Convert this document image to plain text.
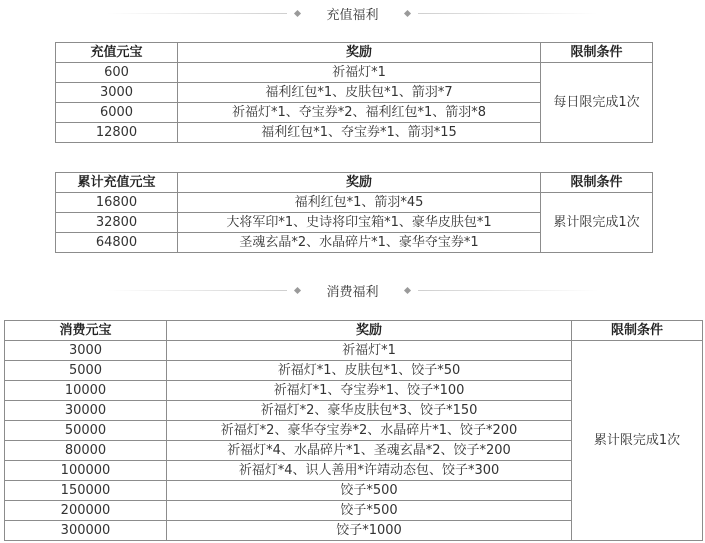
充值福利
充值元宝	奖励	限制条件
600	祈福灯*1	每日限完成1次
3000	福利红包*1、皮肤包*1、箭羽*7	
6000	祈福灯*1、夺宝券*2、福利红包*1、箭羽*8	
12800	福利红包*1、夺宝券*1、箭羽*15	
累计充值元宝	奖励	限制条件
16800	福利红包*1、箭羽*45	累计限完成1次
32800	大将军印*1、史诗将印宝箱*1、豪华皮肤包*1	
64800	圣魂玄晶*2、水晶碎片*1、豪华夺宝券*1	
消费福利
消费元宝	奖励	限制条件
3000	祈福灯*1	累计限完成1次
5000	祈福灯*1、皮肤包*1、饺子*50	
10000	祈福灯*1、夺宝券*1、饺子*100	
30000	祈福灯*2、豪华皮肤包*3、饺子*150	
50000	祈福灯*2、豪华夺宝券*2、水晶碎片*1、饺子*200	
80000	祈福灯*4、水晶碎片*1、圣魂玄晶*2、饺子*200	
100000	祈福灯*4、识人善用*许靖动态包、饺子*300	
150000	饺子*500	
200000	饺子*500	
300000	饺子*1000	
